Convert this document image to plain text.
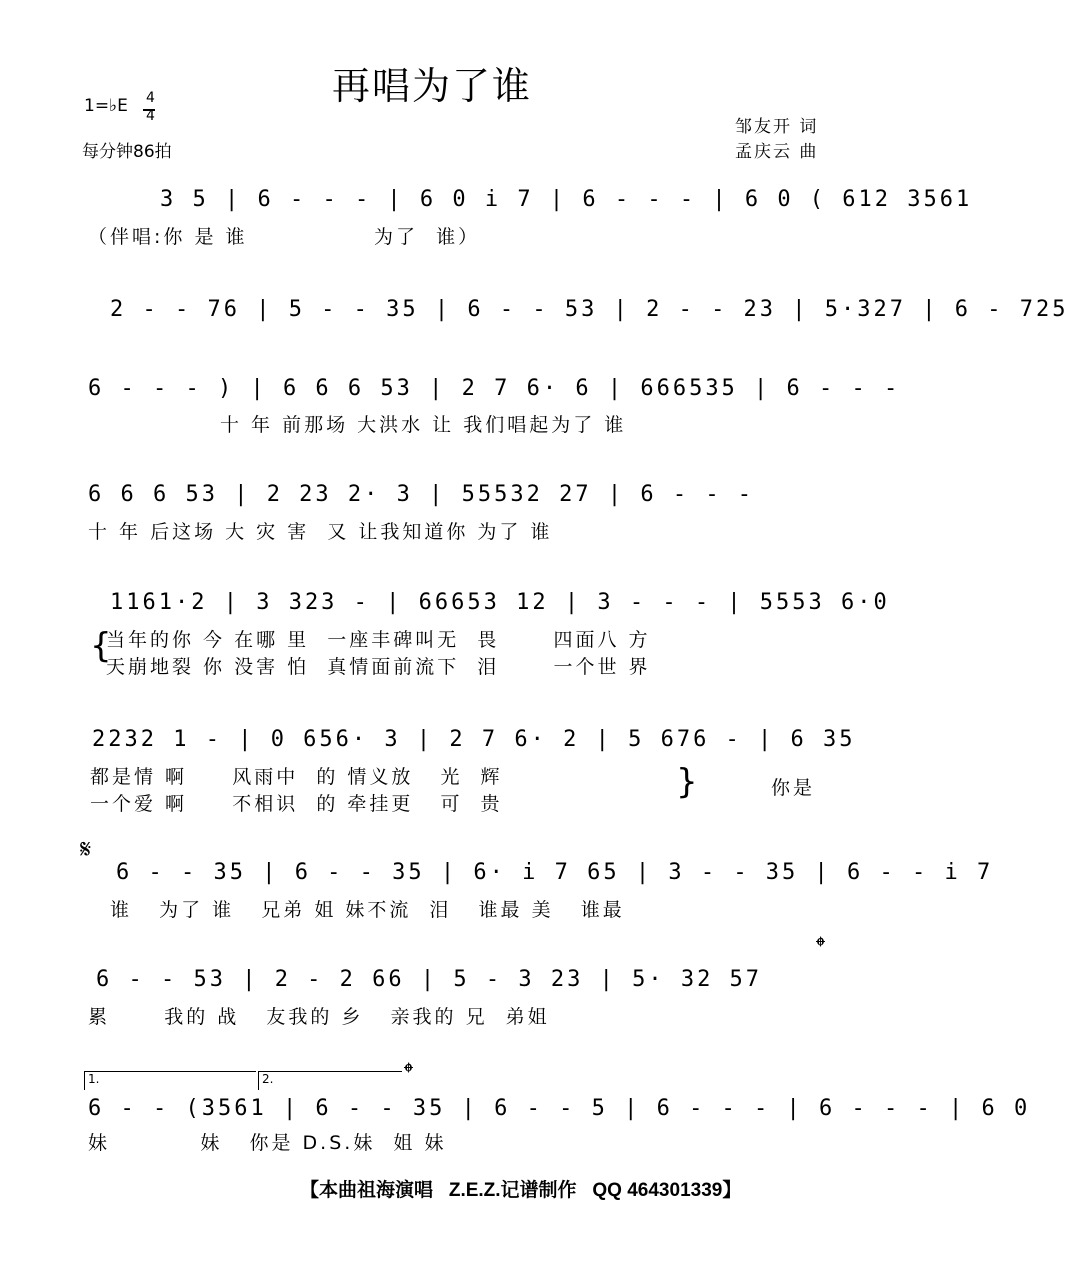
再唱为了谁
1=♭E 4
4
每分钟86拍
邹友开 词
孟庆云 曲
3 5 | 6 - - - | 6 0 i 7 | 6 - - - | 6 0 ( 612 3561
（伴唱:你 是 谁              为了  谁）
2 - - 76 | 5 - - 35 | 6 - - 53 | 2 - - 23 | 5·327 | 6 - 725
6 - - - ) | 6 6 6 53 | 2 7 6· 6 | 666535 | 6 - - -
十 年 前那场 大洪水 让 我们唱起为了 谁
6 6 6 53 | 2 23 2· 3 | 55532 27 | 6 - - -
十 年 后这场 大 灾 害  又 让我知道你 为了 谁
1161·2 | 3 323 - | 66653 12 | 3 - - - | 5553 6·0
当年的你 今 在哪 里  一座丰碑叫无  畏      四面八 方
天崩地裂 你 没害 怕  真情面前流下  泪      一个世 界
{
2232 1 - | 0 656· 3 | 2 7 6· 2 | 5 676 - | 6 35
都是情 啊     风雨中  的 情义放   光  辉
一个爱 啊     不相识  的 牵挂更   可  贵
}	你是
𝄋
6 - - 35 | 6 - - 35 | 6· i 7 65 | 3 - - 35 | 6 - - i 7
谁   为了 谁   兄弟 姐 妹不流  泪   谁最 美   谁最
6 - - 53 | 2 - 2 66 | 5 - 3 23 | 5· 32 57
累      我的 战   友我的 乡   亲我的 兄  弟姐
𝄌
1.	2.	𝄌
6 - - (3561 | 6 - - 35 | 6 - - 5 | 6 - - - | 6 - - - | 6 0
妹          妹   你是 D.S.妹  姐 妹
【本曲祖海演唱   Z.E.Z.记谱制作   QQ 464301339】
